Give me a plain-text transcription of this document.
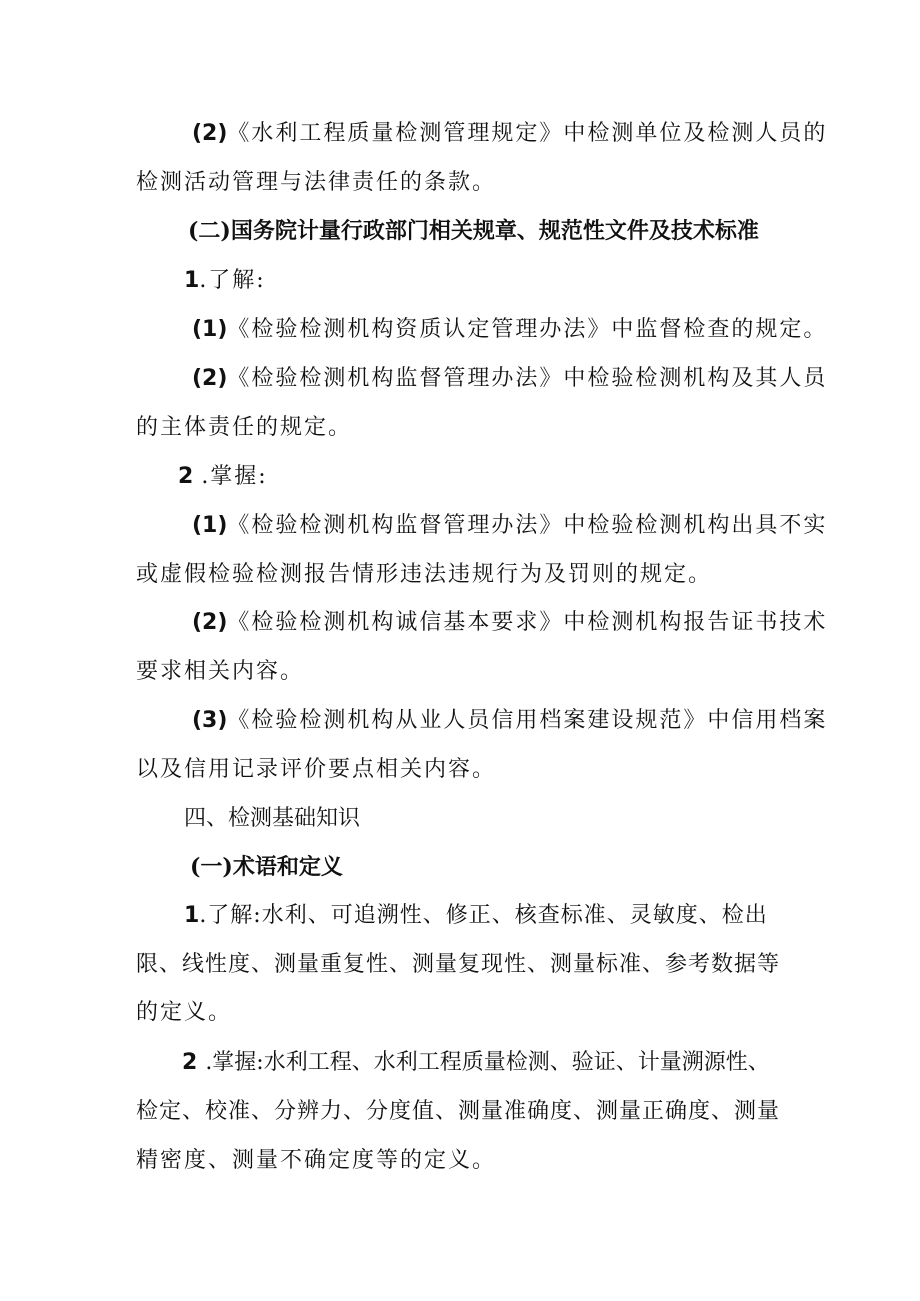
(2)《水利工程质量检测管理规定》中检测单位及检测人员的
检测活动管理与法律责任的条款。
(二)国务院计量行政部门相关规章、规范性文件及技术标准
1.了解:
(1)《检验检测机构资质认定管理办法》中监督检查的规定。
(2)《检验检测机构监督管理办法》中检验检测机构及其人员
的主体责任的规定。
2 .掌握:
(1)《检验检测机构监督管理办法》中检验检测机构出具不实
或虚假检验检测报告情形违法违规行为及罚则的规定。
(2)《检验检测机构诚信基本要求》中检测机构报告证书技术
要求相关内容。
(3)《检验检测机构从业人员信用档案建设规范》中信用档案
以及信用记录评价要点相关内容。
四、检测基础知识
(一)术语和定义
1.了解:水利、可追溯性、修正、核查标准、灵敏度、检出
限、线性度、测量重复性、测量复现性、测量标准、参考数据等
的定义。
2 .掌握:水利工程、水利工程质量检测、验证、计量溯源性、
检定、校准、分辨力、分度值、测量准确度、测量正确度、测量
精密度、测量不确定度等的定义。
